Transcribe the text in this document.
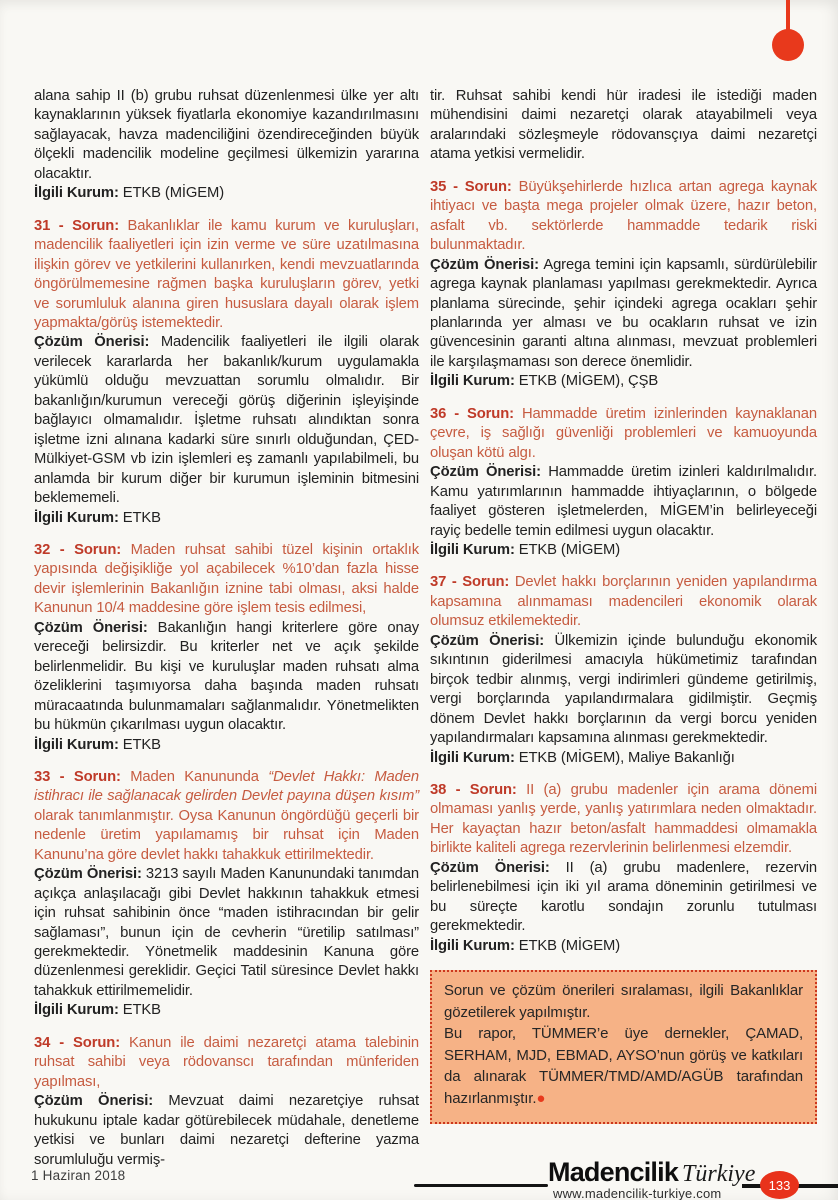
alana sahip II (b) grubu ruhsat düzenlenmesi ülke yer altı kaynaklarının yüksek fiyatlarla ekonomiye kazandırılmasını sağlayacak, havza madenciliğini özendireceğinden büyük ölçekli madencilik modeline geçilmesi ülkemizin yararına olacaktır.

İlgili Kurum: ETKB (MİGEM)

31 - Sorun: Bakanlıklar ile kamu kurum ve kuruluşları, madencilik faaliyetleri için izin verme ve süre uzatılmasına ilişkin görev ve yetkilerini kullanırken, kendi mevzuatlarında öngörülmemesine rağmen başka kuruluşların görev, yetki ve sorumluluk alanına giren hususlara dayalı olarak işlem yapmakta/görüş istemektedir.

Çözüm Önerisi: Madencilik faaliyetleri ile ilgili olarak verilecek kararlarda her bakanlık/kurum uygulamakla yükümlü olduğu mevzuattan sorumlu olmalıdır. Bir bakanlığın/kurumun vereceği görüş diğerinin işleyişinde bağlayıcı olmamalıdır. İşletme ruhsatı alındıktan sonra işletme izni alınana kadarki süre sınırlı olduğundan, ÇED-Mülkiyet-GSM vb izin işlemleri eş zamanlı yapılabilmeli, bu anlamda bir kurum diğer bir kurumun işleminin bitmesini beklememeli.

İlgili Kurum: ETKB

32 - Sorun: Maden ruhsat sahibi tüzel kişinin ortaklık yapısında değişikliğe yol açabilecek %10’dan fazla hisse devir işlemlerinin Bakanlığın iznine tabi olması, aksi halde Kanunun 10/4 maddesine göre işlem tesis edilmesi,

Çözüm Önerisi: Bakanlığın hangi kriterlere göre onay vereceği belirsizdir. Bu kriterler net ve açık şekilde belirlenmelidir. Bu kişi ve kuruluşlar maden ruhsatı alma özeliklerini taşımıyorsa daha başında maden ruhsatı müracaatında bulunmamaları sağlanmalıdır. Yönetmelikten bu hükmün çıkarılması uygun olacaktır.

İlgili Kurum: ETKB

33 - Sorun: Maden Kanununda “Devlet Hakkı: Maden istihracı ile sağlanacak gelirden Devlet payına düşen kısım” olarak tanımlanmıştır. Oysa Kanunun öngördüğü geçerli bir nedenle üretim yapılamamış bir ruhsat için Maden Kanunu’na göre devlet hakkı tahakkuk ettirilmektedir.

Çözüm Önerisi: 3213 sayılı Maden Kanunundaki tanımdan açıkça anlaşılacağı gibi Devlet hakkının tahakkuk etmesi için ruhsat sahibinin önce “maden istihracından bir gelir sağlaması”, bunun için de cevherin “üretilip satılması” gerekmektedir. Yönetmelik maddesinin Kanuna göre düzenlenmesi gereklidir. Geçici Tatil süresince Devlet hakkı tahakkuk ettirilmemelidir.

İlgili Kurum: ETKB

34 - Sorun: Kanun ile daimi nezaretçi atama talebinin ruhsat sahibi veya rödovanscı tarafından münferiden yapılması,

Çözüm Önerisi: Mevzuat daimi nezaretçiye ruhsat hukukunu iptale kadar götürebilecek müdahale, denetleme yetkisi ve bunları daimi nezaretçi defterine yazma sorumluluğu vermiş-

tir. Ruhsat sahibi kendi hür iradesi ile istediği maden mühendisini daimi nezaretçi olarak atayabilmeli veya aralarındaki sözleşmeyle rödovansçıya daimi nezaretçi atama yetkisi vermelidir.

35 - Sorun: Büyükşehirlerde hızlıca artan agrega kaynak ihtiyacı ve başta mega projeler olmak üzere, hazır beton, asfalt vb. sektörlerde hammadde tedarik riski bulunmaktadır.

Çözüm Önerisi: Agrega temini için kapsamlı, sürdürülebilir agrega kaynak planlaması yapılması gerekmektedir. Ayrıca planlama sürecinde, şehir içindeki agrega ocakları şehir planlarında yer alması ve bu ocakların ruhsat ve izin güvencesinin garanti altına alınması, mevzuat problemleri ile karşılaşmaması son derece önemlidir.

İlgili Kurum: ETKB (MİGEM), ÇŞB

36 - Sorun: Hammadde üretim izinlerinden kaynaklanan çevre, iş sağlığı güvenliği problemleri ve kamuoyunda oluşan kötü algı.

Çözüm Önerisi: Hammadde üretim izinleri kaldırılmalıdır. Kamu yatırımlarının hammadde ihtiyaçlarının, o bölgede faaliyet gösteren işletmelerden, MİGEM’in belirleyeceği rayiç bedelle temin edilmesi uygun olacaktır.

İlgili Kurum: ETKB (MİGEM)

37 - Sorun: Devlet hakkı borçlarının yeniden yapılandırma kapsamına alınmaması madencileri ekonomik olarak olumsuz etkilemektedir.

Çözüm Önerisi: Ülkemizin içinde bulunduğu ekonomik sıkıntının giderilmesi amacıyla hükümetimiz tarafından birçok tedbir alınmış, vergi indirimleri gündeme getirilmiş, vergi borçlarında yapılandırmalara gidilmiştir. Geçmiş dönem Devlet hakkı borçlarının da vergi borcu yeniden yapılandırmaları kapsamına alınması gerekmektedir.

İlgili Kurum: ETKB (MİGEM), Maliye Bakanlığı

38 - Sorun: II (a) grubu madenler için arama dönemi olmaması yanlış yerde, yanlış yatırımlara neden olmaktadır. Her kayaçtan hazır beton/asfalt hammaddesi olmamakla birlikte kaliteli agrega rezervlerinin belirlenmesi elzemdir.

Çözüm Önerisi: II (a) grubu madenlere, rezervin belirlenebilmesi için iki yıl arama döneminin getirilmesi ve bu süreçte karotlu sondajın zorunlu tutulması gerekmektedir.

İlgili Kurum: ETKB (MİGEM)

Sorun ve çözüm önerileri sıralaması, ilgili Bakanlıklar gözetilerek yapılmıştır.

Bu rapor, TÜMMER’e üye dernekler, ÇAMAD, SERHAM, MJD, EBMAD, AYSO’nun görüş ve katkıları da alınarak TÜMMER/TMD/AMD/AGÜB tarafından hazırlanmıştır.●

1 Haziran 2018	Madencilik Türkiye
www.madencilik-turkiye.com
133
